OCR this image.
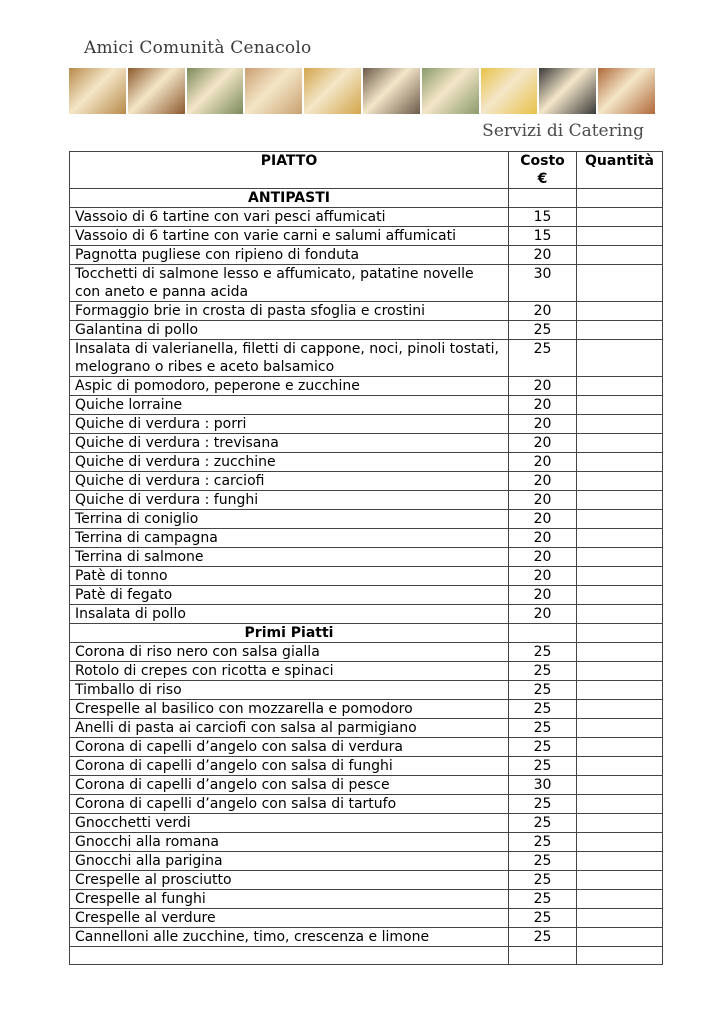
Amici Comunità Cenacolo
Servizi di Catering
PIATTO	Costo €	Quantità
ANTIPASTI		
Vassoio di 6 tartine con vari pesci affumicati	15	
Vassoio di 6 tartine con varie carni e salumi affumicati	15	
Pagnotta pugliese con ripieno di fonduta	20	
Tocchetti di salmone lesso e affumicato, patatine novelle con aneto e panna acida	30	
Formaggio brie in crosta di pasta sfoglia e crostini	20	
Galantina di pollo	25	
Insalata di valerianella, filetti di cappone, noci, pinoli tostati, melograno o ribes e aceto balsamico	25	
Aspic di pomodoro, peperone e zucchine	20	
Quiche lorraine	20	
Quiche di verdura : porri	20	
Quiche di verdura : trevisana	20	
Quiche di verdura : zucchine	20	
Quiche di verdura : carciofi	20	
Quiche di verdura : funghi	20	
Terrina di coniglio	20	
Terrina di campagna	20	
Terrina di salmone	20	
Patè di tonno	20	
Patè di fegato	20	
Insalata di pollo	20	
Primi Piatti		
Corona di riso nero con salsa gialla	25	
Rotolo di crepes con ricotta e spinaci	25	
Timballo di riso	25	
Crespelle al basilico con mozzarella e pomodoro	25	
Anelli di pasta ai carciofi con salsa al parmigiano	25	
Corona di capelli d’angelo con salsa di verdura	25	
Corona di capelli d’angelo con salsa di funghi	25	
Corona di capelli d’angelo con salsa di pesce	30	
Corona di capelli d’angelo con salsa di tartufo	25	
Gnocchetti verdi	25	
Gnocchi alla romana	25	
Gnocchi alla parigina	25	
Crespelle al prosciutto	25	
Crespelle al funghi	25	
Crespelle al verdure	25	
Cannelloni alle zucchine, timo, crescenza e limone	25	
